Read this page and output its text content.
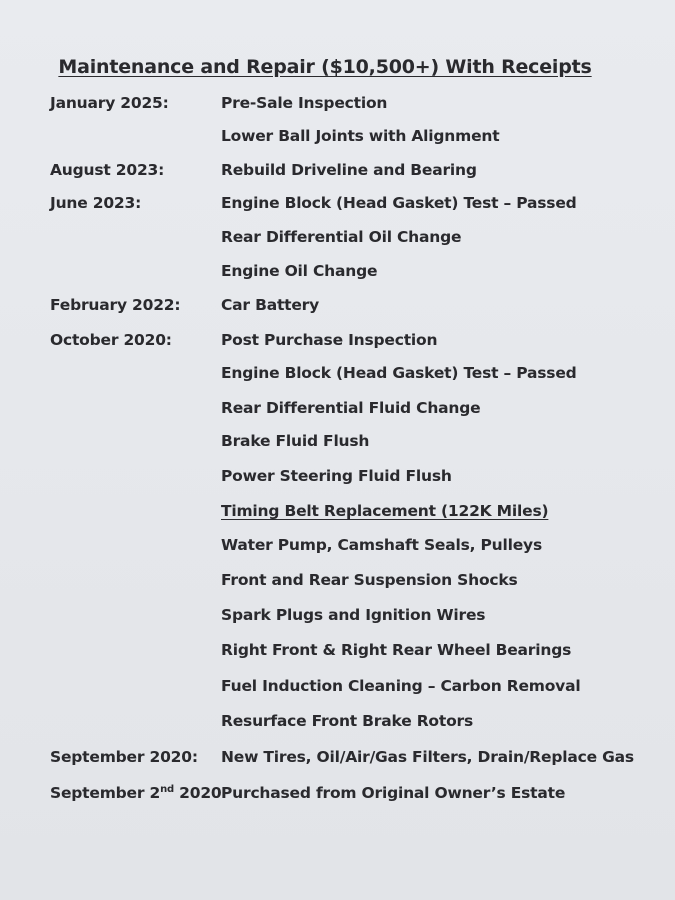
Maintenance and Repair ($10,500+) With Receipts
January 2025:	Pre-Sale Inspection
Lower Ball Joints with Alignment
August 2023:	Rebuild Driveline and Bearing
June 2023:	Engine Block (Head Gasket) Test – Passed
Rear Differential Oil Change
Engine Oil Change
February 2022:	Car Battery
October 2020:	Post Purchase Inspection
Engine Block (Head Gasket) Test – Passed
Rear Differential Fluid Change
Brake Fluid Flush
Power Steering Fluid Flush
Timing Belt Replacement (122K Miles)
Water Pump, Camshaft Seals, Pulleys
Front and Rear Suspension Shocks
Spark Plugs and Ignition Wires
Right Front & Right Rear Wheel Bearings
Fuel Induction Cleaning – Carbon Removal
Resurface Front Brake Rotors
September 2020: New Tires, Oil/Air/Gas Filters, Drain/Replace Gas
September 2nd 2020 Purchased from Original Owner’s Estate
